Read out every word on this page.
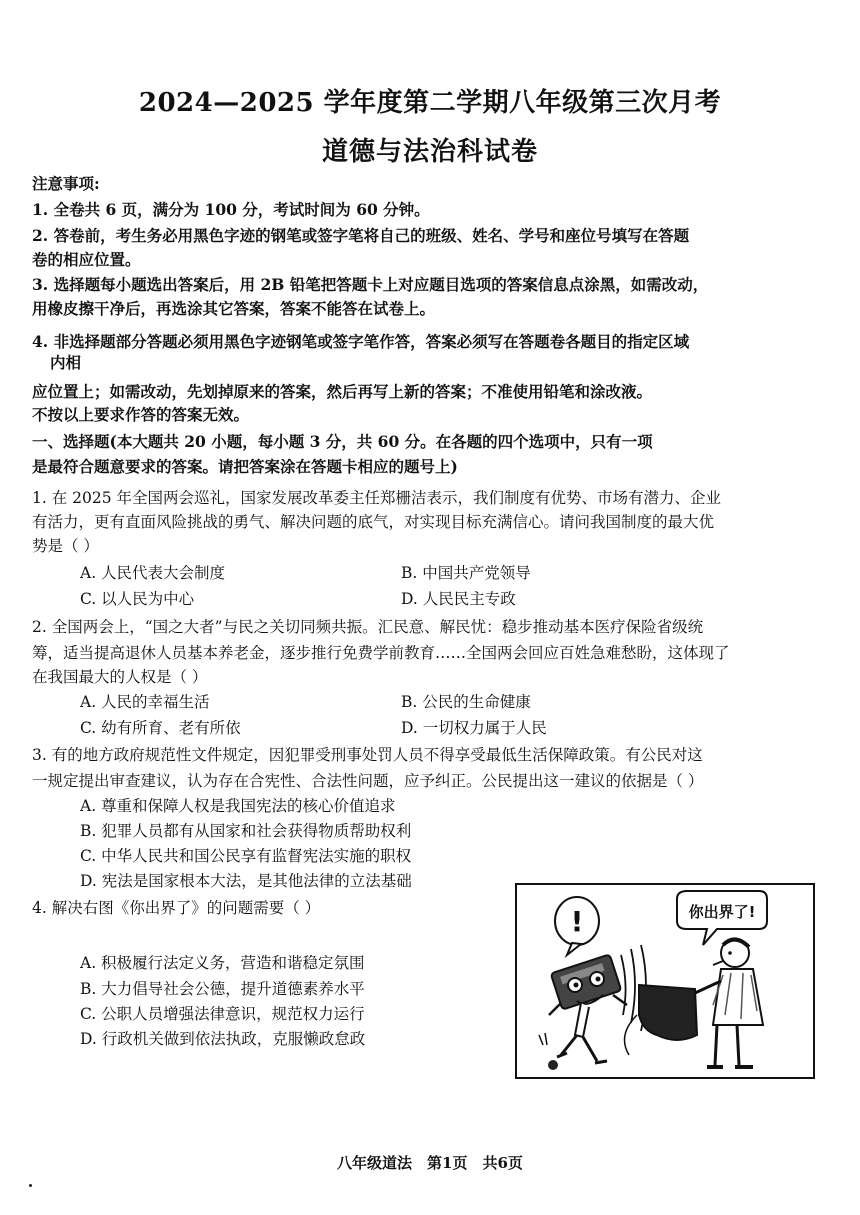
2024—2025 学年度第二学期八年级第三次月考
道德与法治科试卷
注意事项:
1. 全卷共 6 页，满分为 100 分，考试时间为 60 分钟。
2. 答卷前，考生务必用黑色字迹的钢笔或签字笔将自己的班级、姓名、学号和座位号填写在答题
卷的相应位置。
3. 选择题每小题选出答案后，用 2B 铅笔把答题卡上对应题目选项的答案信息点涂黑，如需改动，
用橡皮擦干净后，再选涂其它答案，答案不能答在试卷上。
4. 非选择题部分答题必须用黑色字迹钢笔或签字笔作答，答案必须写在答题卷各题目的指定区域
内相
应位置上；如需改动，先划掉原来的答案，然后再写上新的答案；不准使用铅笔和涂改液。
不按以上要求作答的答案无效。
一、选择题(本大题共 20 小题，每小题 3 分，共 60 分。在各题的四个选项中，只有一项
是最符合题意要求的答案。请把答案涂在答题卡相应的题号上)
1. 在 2025 年全国两会巡礼，国家发展改革委主任郑栅洁表示，我们制度有优势、市场有潜力、企业
有活力，更有直面风险挑战的勇气、解决问题的底气，对实现目标充满信心。请问我国制度的最大优
势是（ ）
A. 人民代表大会制度	B. 中国共产党领导
C. 以人民为中心	D. 人民民主专政
2. 全国两会上，“国之大者”与民之关切同频共振。汇民意、解民忧：稳步推动基本医疗保险省级统
筹，适当提高退休人员基本养老金，逐步推行免费学前教育……全国两会回应百姓急难愁盼，这体现了
在我国最大的人权是（ ）
A. 人民的幸福生活	B. 公民的生命健康
C. 幼有所育、老有所依	D. 一切权力属于人民
3. 有的地方政府规范性文件规定，因犯罪受刑事处罚人员不得享受最低生活保障政策。有公民对这
一规定提出审查建议，认为存在合宪性、合法性问题，应予纠正。公民提出这一建议的依据是（ ）
A. 尊重和保障人权是我国宪法的核心价值追求
B. 犯罪人员都有从国家和社会获得物质帮助权利
C. 中华人民共和国公民享有监督宪法实施的职权
D. 宪法是国家根本大法，是其他法律的立法基础
4. 解决右图《你出界了》的问题需要（ ）
A. 积极履行法定义务，营造和谐稳定氛围
B. 大力倡导社会公德，提升道德素养水平
C. 公职人员增强法律意识，规范权力运行
D. 行政机关做到依法执政，克服懒政怠政
!	你出界了!
八年级道法　第1页　共6页
